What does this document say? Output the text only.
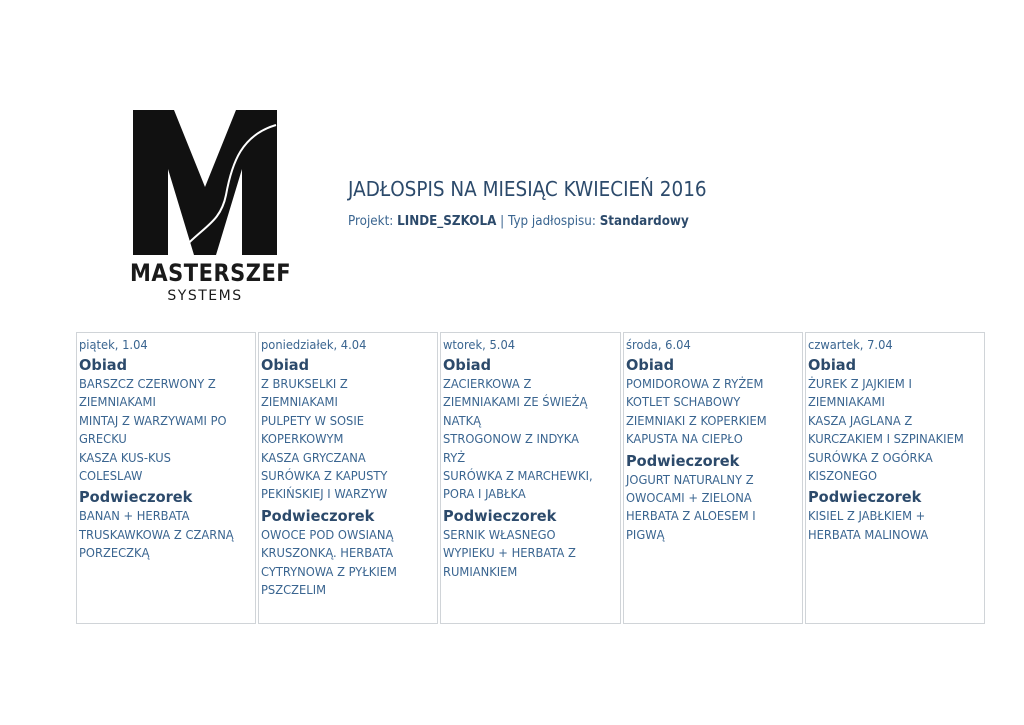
MASTERSZEF
SYSTEMS
JADŁOSPIS NA MIESIĄC KWIECIEŃ 2016
Projekt: LINDE_SZKOLA | Typ jadłospisu: Standardowy
piątek, 1.04
Obiad
BARSZCZ CZERWONY Z
ZIEMNIAKAMI
MINTAJ Z WARZYWAMI PO
GRECKU
KASZA KUS-KUS
COLESLAW
Podwieczorek
BANAN + HERBATA
TRUSKAWKOWA Z CZARNĄ
PORZECZKĄ
poniedziałek, 4.04
Obiad
Z BRUKSELKI Z
ZIEMNIAKAMI
PULPETY W SOSIE
KOPERKOWYM
KASZA GRYCZANA
SURÓWKA Z KAPUSTY
PEKIŃSKIEJ I WARZYW
Podwieczorek
OWOCE POD OWSIANĄ
KRUSZONKĄ. HERBATA
CYTRYNOWA Z PYŁKIEM
PSZCZELIM
wtorek, 5.04
Obiad
ZACIERKOWA Z
ZIEMNIAKAMI ZE ŚWIEŻĄ
NATKĄ
STROGONOW Z INDYKA
RYŻ
SURÓWKA Z MARCHEWKI,
PORA I JABŁKA
Podwieczorek
SERNIK WŁASNEGO
WYPIEKU + HERBATA Z
RUMIANKIEM
środa, 6.04
Obiad
POMIDOROWA Z RYŻEM
KOTLET SCHABOWY
ZIEMNIAKI Z KOPERKIEM
KAPUSTA NA CIEPŁO
Podwieczorek
JOGURT NATURALNY Z
OWOCAMI + ZIELONA
HERBATA Z ALOESEM I
PIGWĄ
czwartek, 7.04
Obiad
ŻUREK Z JAJKIEM I
ZIEMNIAKAMI
KASZA JAGLANA Z
KURCZAKIEM I SZPINAKIEM
SURÓWKA Z OGÓRKA
KISZONEGO
Podwieczorek
KISIEL Z JABŁKIEM +
HERBATA MALINOWA
